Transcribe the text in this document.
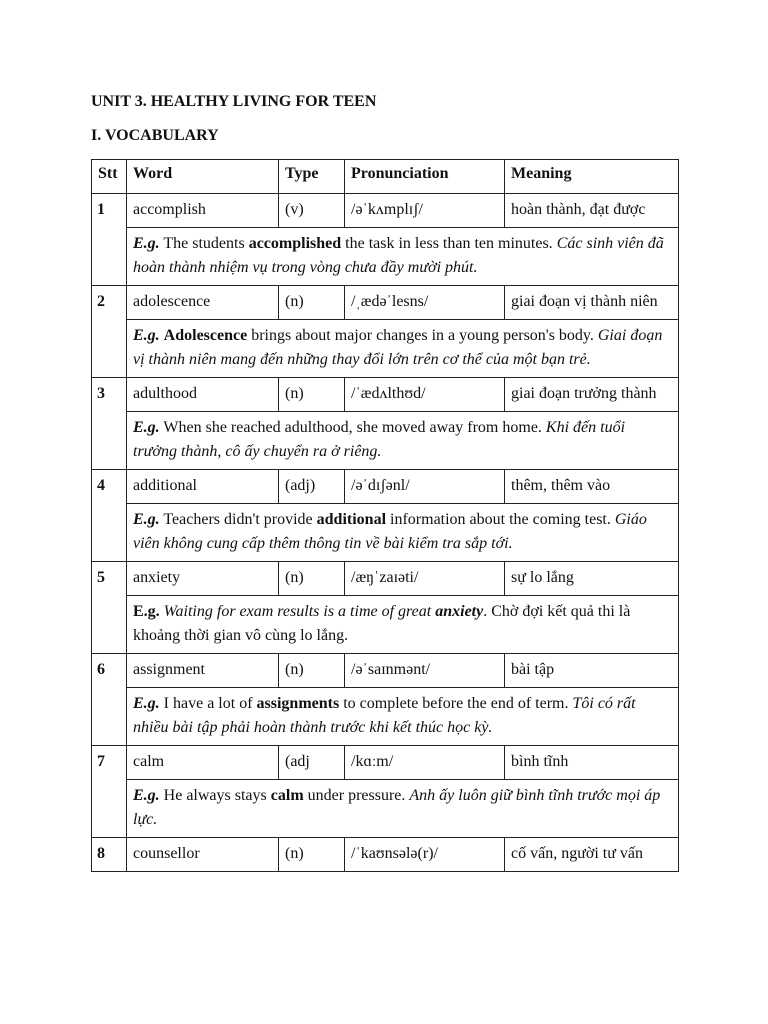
UNIT 3. HEALTHY LIVING FOR TEEN
I. VOCABULARY
Stt	Word	Type	Pronunciation	Meaning
1	accomplish	(v)	/əˈkʌmplɪʃ/	hoàn thành, đạt được
	E.g. The students accomplished the task in less than ten minutes. Các sinh viên đã hoàn thành nhiệm vụ trong vòng chưa đầy mười phút.			
2	adolescence	(n)	/ˌædəˈlesns/	giai đoạn vị thành niên
	E.g. Adolescence brings about major changes in a young person's body. Giai đoạn vị thành niên mang đến những thay đổi lớn trên cơ thể của một bạn trẻ.			
3	adulthood	(n)	/ˈædʌlthʊd/	giai đoạn trưởng thành
	E.g. When she reached adulthood, she moved away from home. Khi đến tuổi trưởng thành, cô ấy chuyển ra ở riêng.			
4	additional	(adj)	/əˈdɪʃənl/	thêm, thêm vào
	E.g. Teachers didn't provide additional information about the coming test. Giáo viên không cung cấp thêm thông tin về bài kiểm tra sắp tới.			
5	anxiety	(n)	/æŋˈzaɪəti/	sự lo lắng
	E.g. Waiting for exam results is a time of great anxiety. Chờ đợi kết quả thi là khoảng thời gian vô cùng lo lắng.			
6	assignment	(n)	/əˈsaɪnmənt/	bài tập
	E.g. I have a lot of assignments to complete before the end of term. Tôi có rất nhiều bài tập phải hoàn thành trước khi kết thúc học kỳ.			
7	calm	(adj	/kɑːm/	bình tĩnh
	E.g. He always stays calm under pressure. Anh ấy luôn giữ bình tĩnh trước mọi áp lực.			
8	counsellor	(n)	/ˈkaʊnsələ(r)/	cố vấn, người tư vấn
